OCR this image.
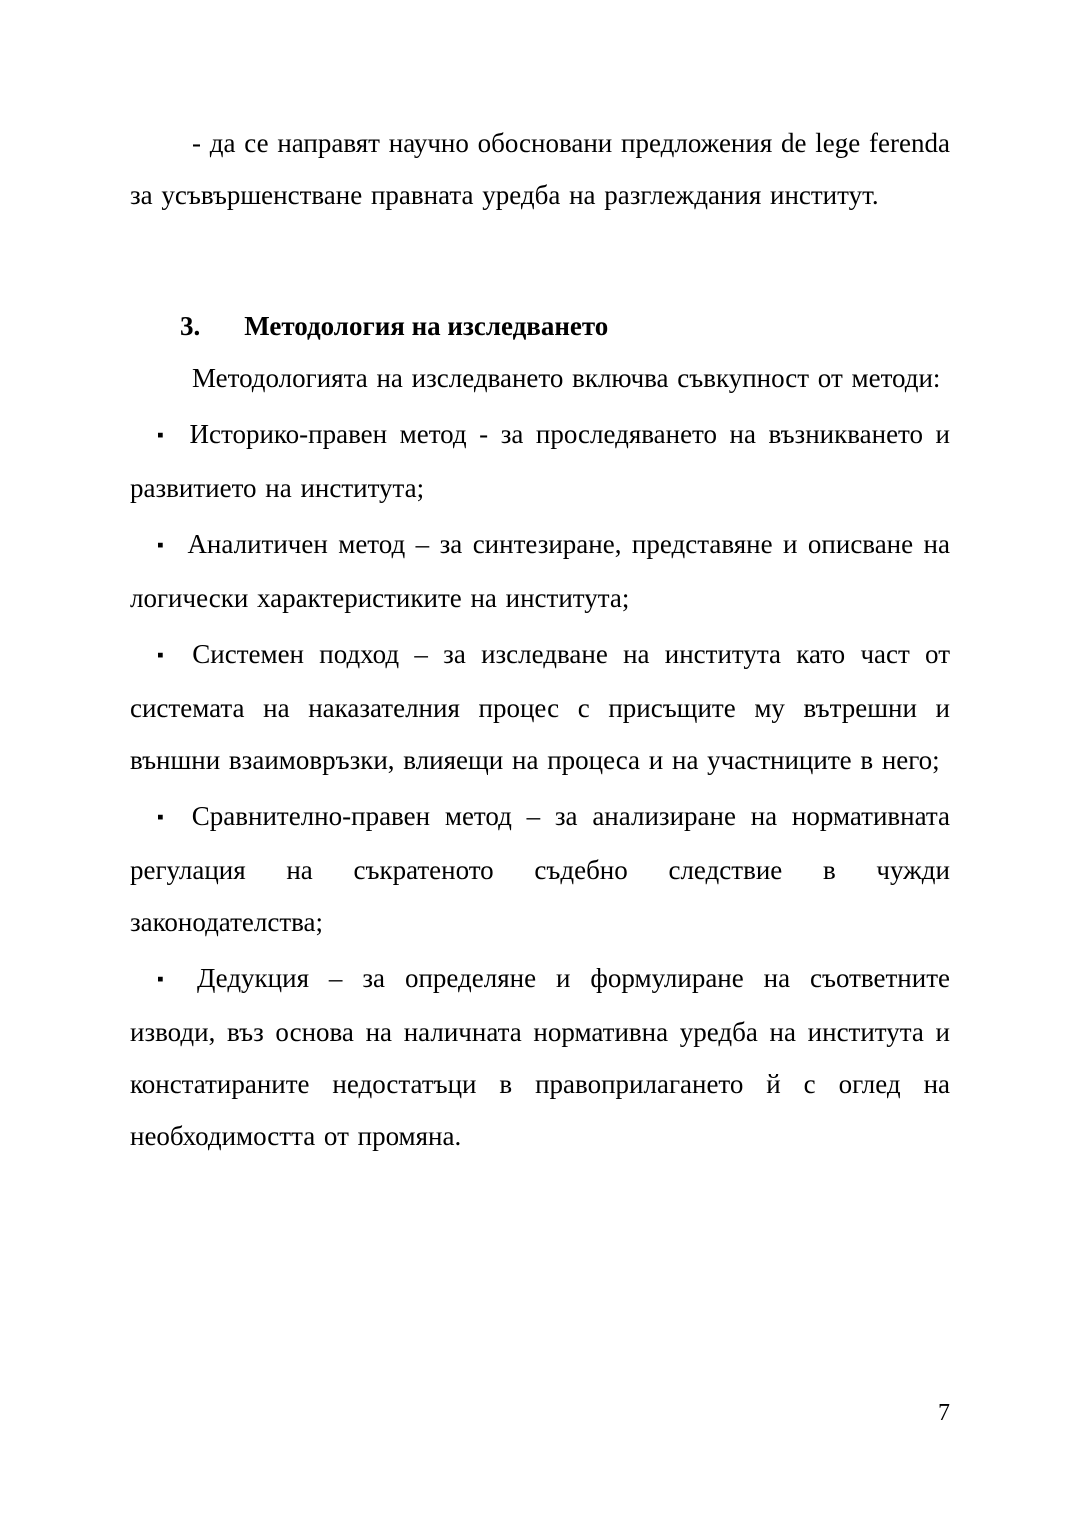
- да се направят научно обосновани предложения de lege ferenda за усъвършенстване правната уредба на разглеждания институт.

3. Методология на изследването

Методологията на изследването включва съвкупност от методи:

▪ Историко-правен метод - за проследяването на възникването и развитието на института;

▪ Аналитичен метод – за синтезиране, представяне и описване на логически характеристиките на института;

▪ Системен подход – за изследване на института като част от системата на наказателния процес с присъщите му вътрешни и външни взаимовръзки, влияещи на процеса и на участниците в него;

▪ Сравнително-правен метод – за анализиране на нормативната регулация на съкратеното съдебно следствие в чужди законодателства;

▪ Дедукция – за определяне и формулиране на съответните изводи, въз основа на наличната нормативна уредба на института и констатираните недостатъци в правоприлагането й с оглед на необходимостта от промяна.

7
